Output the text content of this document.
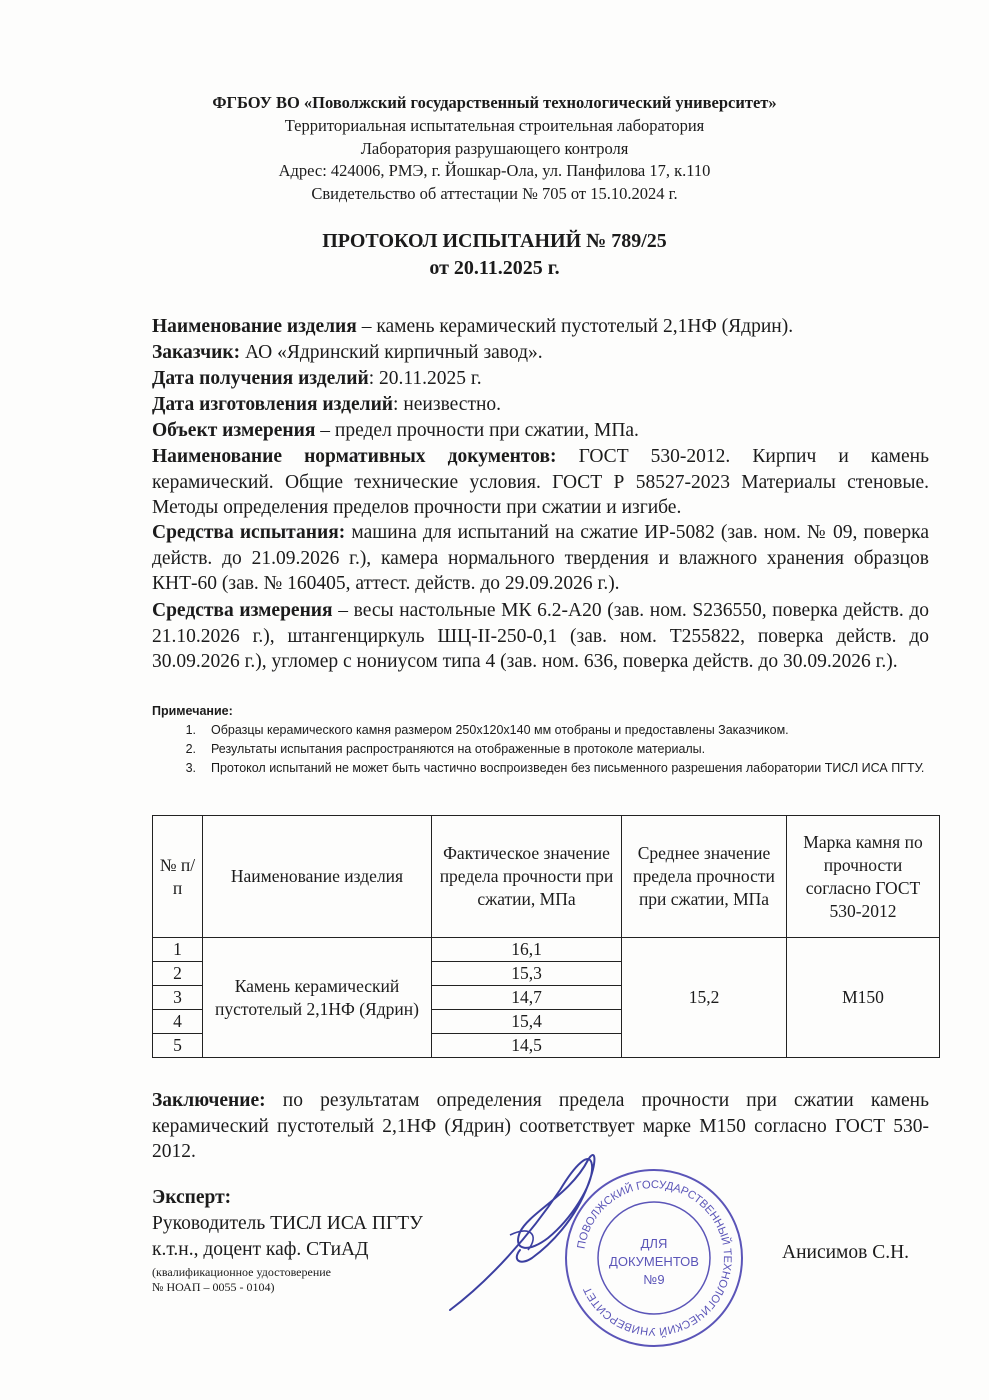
ФГБОУ ВО «Поволжский государственный технологический университет»
Территориальная испытательная строительная лаборатория
Лаборатория разрушающего контроля
Адрес: 424006, РМЭ, г. Йошкар-Ола, ул. Панфилова 17, к.110
Свидетельство об аттестации № 705 от 15.10.2024 г.
ПРОТОКОЛ ИСПЫТАНИЙ № 789/25
от 20.11.2025 г.
Наименование изделия – камень керамический пустотелый 2,1НФ (Ядрин).
Заказчик: АО «Ядринский кирпичный завод».
Дата получения изделий: 20.11.2025 г.
Дата изготовления изделий: неизвестно.
Объект измерения – предел прочности при сжатии, МПа.
Наименование нормативных документов: ГОСТ 530-2012. Кирпич и камень керамический. Общие технические условия. ГОСТ Р 58527-2023 Материалы стеновые. Методы определения пределов прочности при сжатии и изгибе.
Средства испытания: машина для испытаний на сжатие ИР-5082 (зав. ном. № 09, поверка действ. до 21.09.2026 г.), камера нормального твердения и влажного хранения образцов КНТ-60 (зав. № 160405, аттест. действ. до 29.09.2026 г.).
Средства измерения – весы настольные МК 6.2-А20 (зав. ном. S236550, поверка действ. до 21.10.2026 г.), штангенциркуль ШЦ-II-250-0,1 (зав. ном. Т255822, поверка действ. до 30.09.2026 г.), угломер с нониусом типа 4 (зав. ном. 636, поверка действ. до 30.09.2026 г.).
Примечание:
1. Образцы керамического камня размером 250х120х140 мм отобраны и предоставлены Заказчиком.
2. Результаты испытания распространяются на отображенные в протоколе материалы.
3. Протокол испытаний не может быть частично воспроизведен без письменного разрешения лаборатории ТИСЛ ИСА ПГТУ.
№ п/п	Наименование изделия	Фактическое значение предела прочности при сжатии, МПа	Среднее значение предела прочности при сжатии, МПа	Марка камня по прочности согласно ГОСТ 530-2012
1	Камень керамический пустотелый 2,1НФ (Ядрин)	16,1	15,2	М150
2		15,3		
3		14,7		
4		15,4		
5		14,5		
Заключение: по результатам определения предела прочности при сжатии камень керамический пустотелый 2,1НФ (Ядрин) соответствует марке М150 согласно ГОСТ 530-2012.
Эксперт:
Руководитель ТИСЛ ИСА ПГТУ
к.т.н., доцент каф. СТиАД
(квалификационное удостоверение
№ НОАП – 0055 - 0104)
Анисимов С.Н.
ПОВОЛЖСКИЙ ГОСУДАРСТВЕННЫЙ ТЕХНОЛОГИЧЕСКИЙ УНИВЕРСИТЕТ
ДЛЯ
ДОКУМЕНТОВ
№9
